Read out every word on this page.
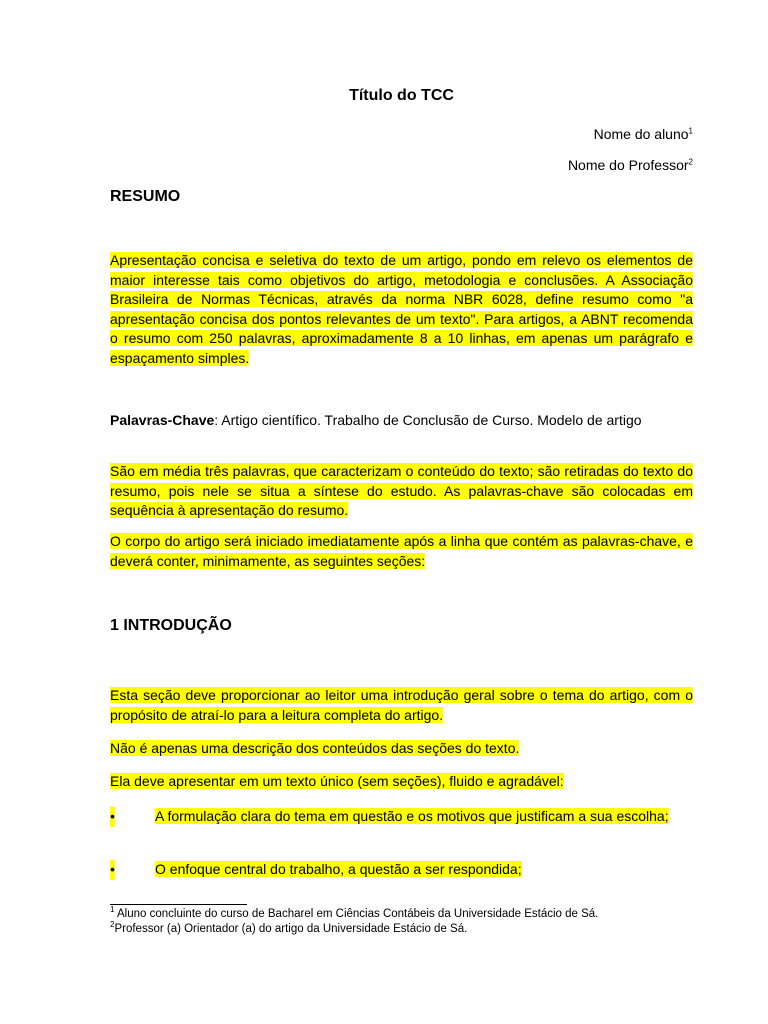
Título do TCC
Nome do aluno$^1$
Nome do Professor$^2$
RESUMO

Apresentação concisa e seletiva do texto de um artigo, pondo em relevo os elementos de maior interesse tais como objetivos do artigo, metodologia e conclusões. A Associação Brasileira de Normas Técnicas, através da norma NBR 6028, define resumo como "a apresentação concisa dos pontos relevantes de um texto". Para artigos, a ABNT recomenda o resumo com 250 palavras, aproximadamente 8 a 10 linhas, em apenas um parágrafo e espaçamento simples.

Palavras-Chave: Artigo científico. Trabalho de Conclusão de Curso. Modelo de artigo

São em média três palavras, que caracterizam o conteúdo do texto; são retiradas do texto do resumo, pois nele se situa a síntese do estudo. As palavras-chave são colocadas em sequência à apresentação do resumo.

O corpo do artigo será iniciado imediatamente após a linha que contém as palavras-chave, e deverá conter, minimamente, as seguintes seções:

1 INTRODUÇÃO

Esta seção deve proporcionar ao leitor uma introdução geral sobre o tema do artigo, com o propósito de atraí-lo para a leitura completa do artigo.

Não é apenas uma descrição dos conteúdos das seções do texto.

Ela deve apresentar em um texto único (sem seções), fluido e agradável:

•	A formulação clara do tema em questão e os motivos que justificam a sua escolha;
•	O enfoque central do trabalho, a questão a ser respondida;
$^1$ Aluno concluinte do curso de Bacharel em Ciências Contábeis da Universidade Estácio de Sá.
$^2$Professor (a) Orientador (a) do artigo da Universidade Estácio de Sá.
